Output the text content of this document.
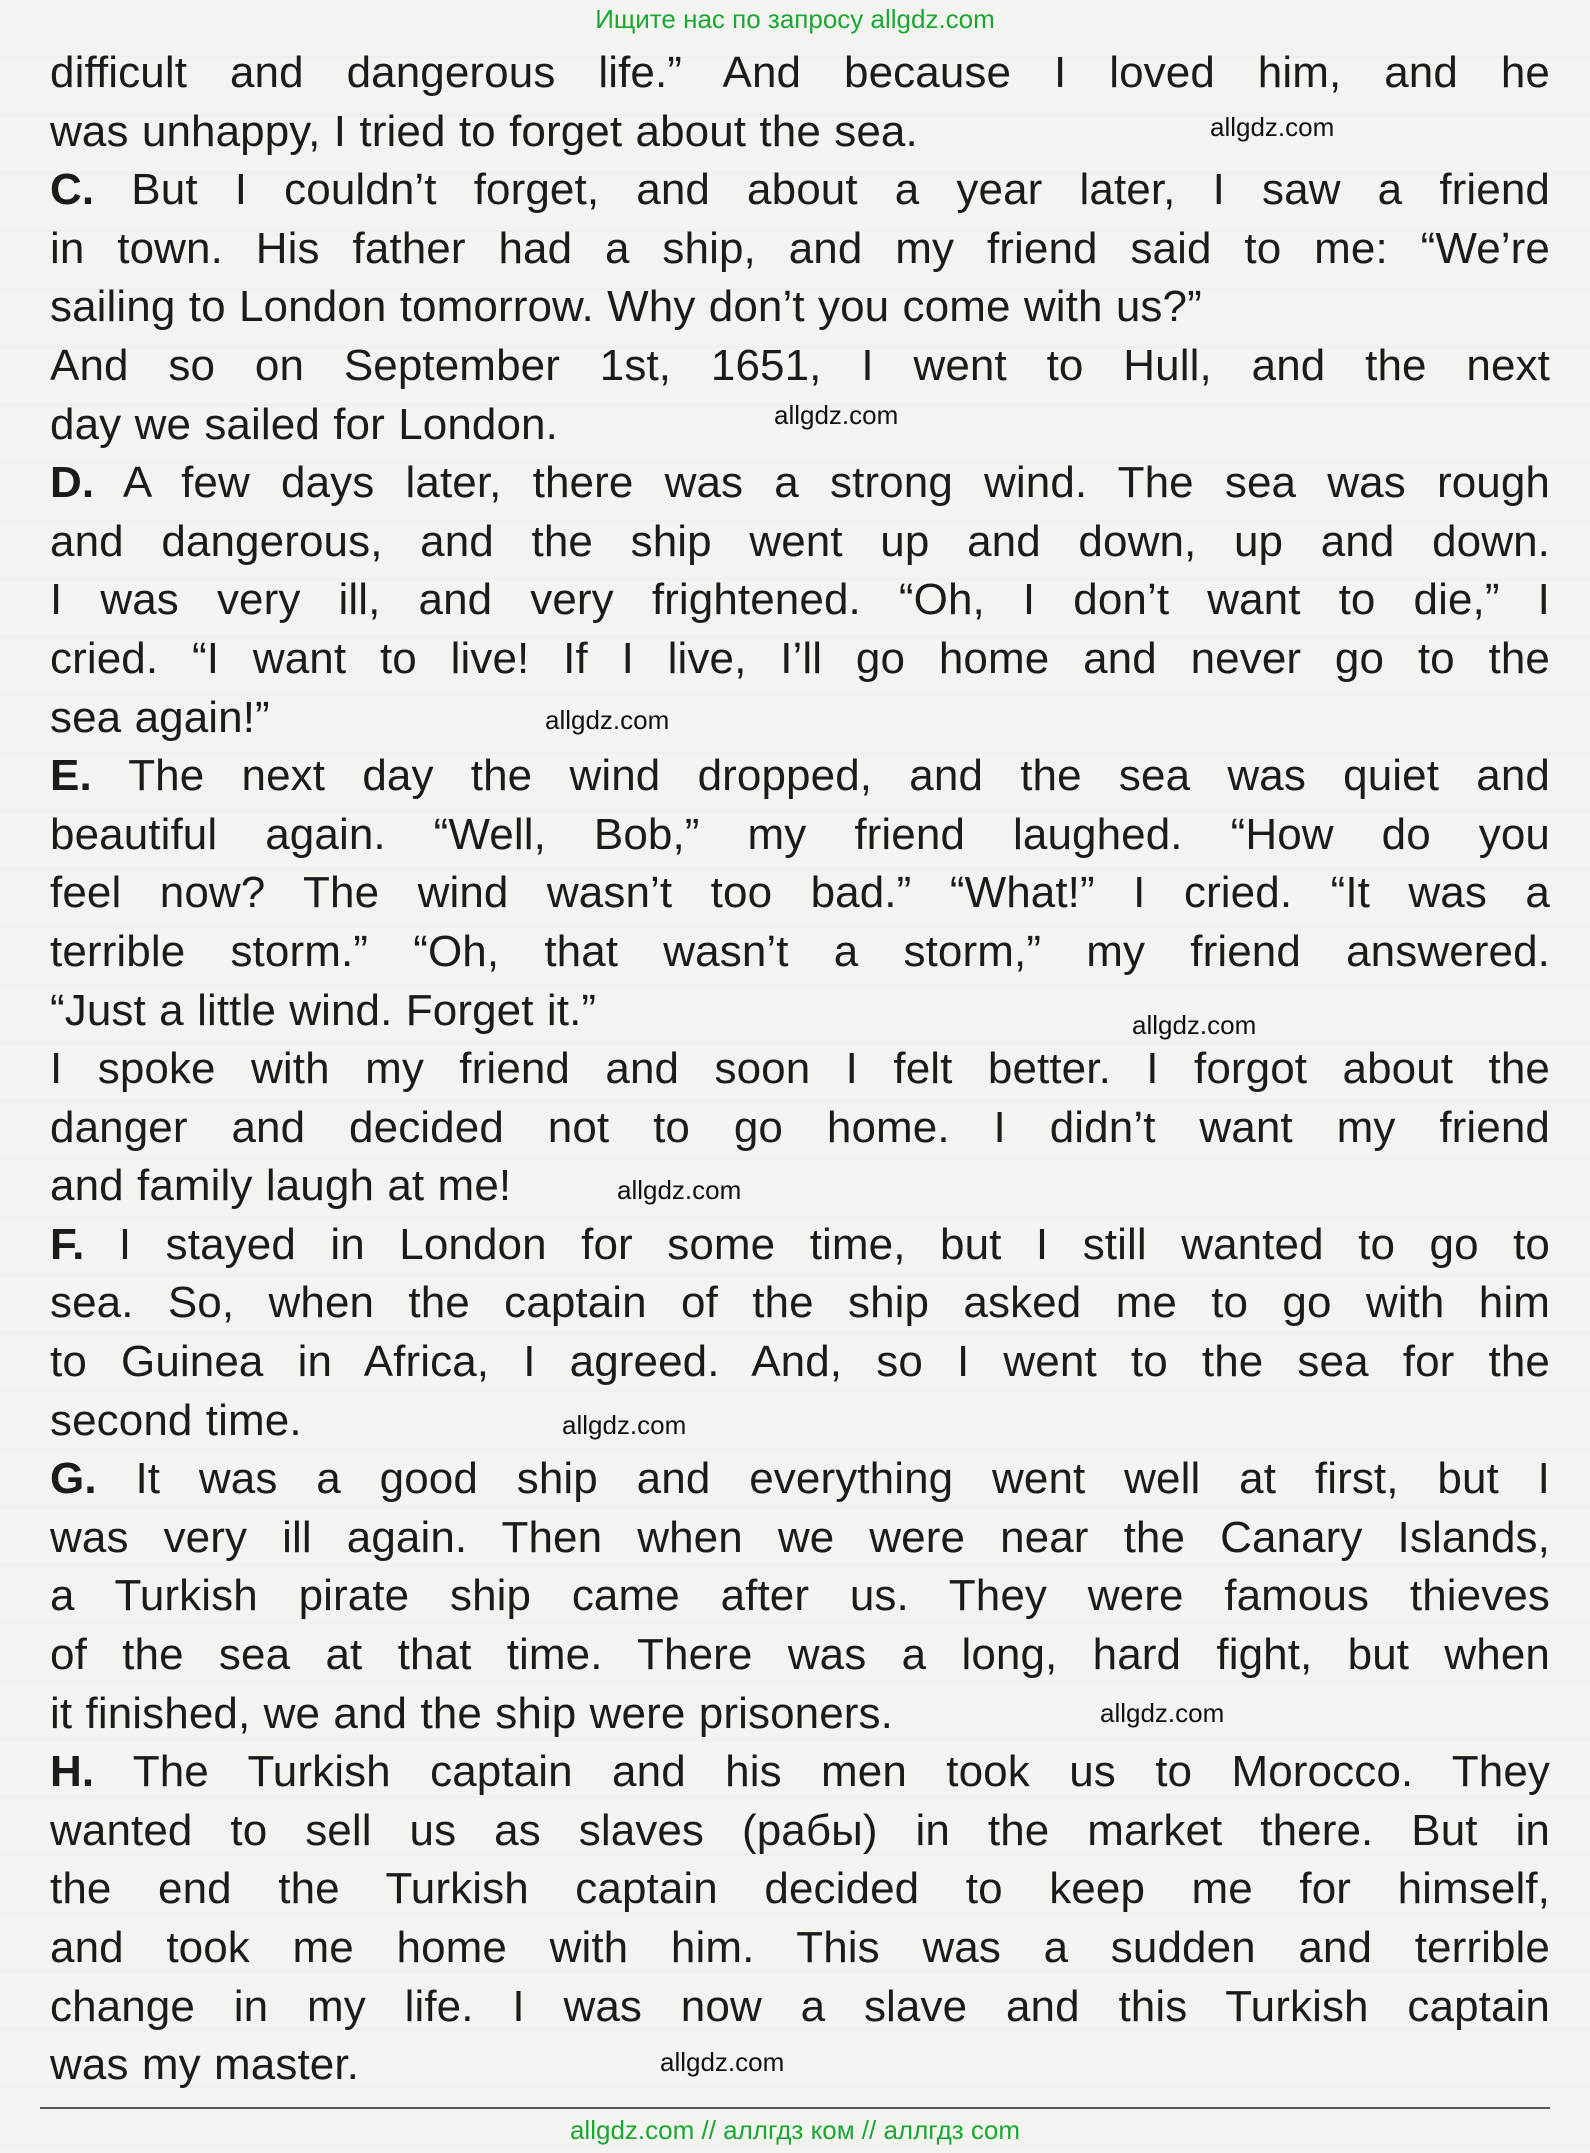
Ищите нас по запросу allgdz.com
difficult and dangerous life.” And because I loved him, and he
was unhappy, I tried to forget about the sea.
C. But I couldn’t forget, and about a year later, I saw a friend
in town. His father had a ship, and my friend said to me: “We’re
sailing to London tomorrow. Why don’t you come with us?”
And so on September 1st, 1651, I went to Hull, and the next
day we sailed for London.
D. A few days later, there was a strong wind. The sea was rough
and dangerous, and the ship went up and down, up and down.
I was very ill, and very frightened. “Oh, I don’t want to die,” I
cried. “I want to live! If I live, I’ll go home and never go to the
sea again!”
E. The next day the wind dropped, and the sea was quiet and
beautiful again. “Well, Bob,” my friend laughed. “How do you
feel now? The wind wasn’t too bad.” “What!” I cried. “It was a
terrible storm.” “Oh, that wasn’t a storm,” my friend answered.
“Just a little wind. Forget it.”
I spoke with my friend and soon I felt better. I forgot about the
danger and decided not to go home. I didn’t want my friend
and family laugh at me!
F. I stayed in London for some time, but I still wanted to go to
sea. So, when the captain of the ship asked me to go with him
to Guinea in Africa, I agreed. And, so I went to the sea for the
second time.
G. It was a good ship and everything went well at first, but I
was very ill again. Then when we were near the Canary Islands,
a Turkish pirate ship came after us. They were famous thieves
of the sea at that time. There was a long, hard fight, but when
it finished, we and the ship were prisoners.
H. The Turkish captain and his men took us to Morocco. They
wanted to sell us as slaves (рабы) in the market there. But in
the end the Turkish captain decided to keep me for himself,
and took me home with him. This was a sudden and terrible
change in my life. I was now a slave and this Turkish captain
was my master.
allgdz.com
allgdz.com
allgdz.com
allgdz.com
allgdz.com
allgdz.com
allgdz.com
allgdz.com
allgdz.com // аллгдз ком // аллгдз com
